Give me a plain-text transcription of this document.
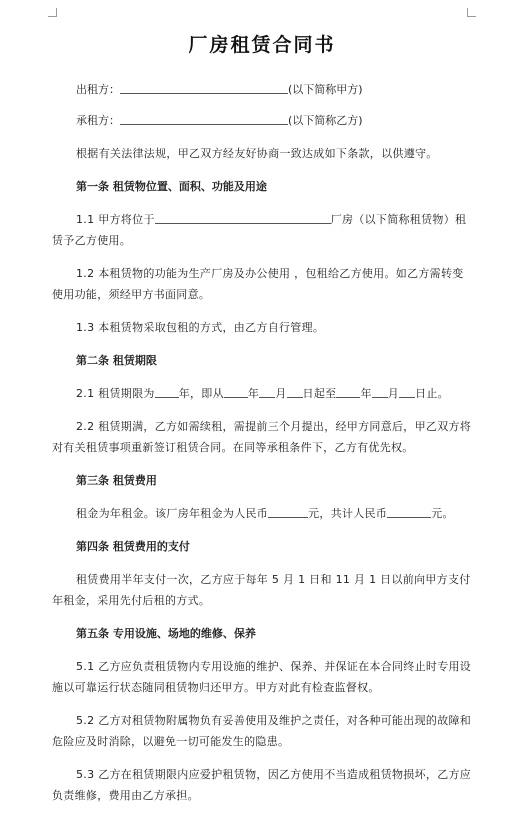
厂房租赁合同书
出租方：	(以下简称甲方)
承租方：	(以下简称乙方)

根据有关法律法规，甲乙双方经友好协商一致达成如下条款，以供遵守。

第一条 租赁物位置、面积、功能及用途

1.1 甲方将位于	厂房（以下简称租赁物）租赁予乙方使用。

1.2 本租赁物的功能为生产厂房及办公使用 ，包租给乙方使用。如乙方需转变使用功能，须经甲方书面同意。

1.3 本租赁物采取包租的方式，由乙方自行管理。

第二条 租赁期限

2.1 租赁期限为 年，即从 年 月 日起至 年 月 日止。

2.2 租赁期满，乙方如需续租，需提前三个月提出，经甲方同意后，甲乙双方将对有关租赁事项重新签订租赁合同。在同等承租条件下，乙方有优先权。

第三条 租赁费用

租金为年租金。该厂房年租金为人民币	元，共计人民币	元。

第四条 租赁费用的支付

租赁费用半年支付一次，乙方应于每年 5 月 1 日和 11 月 1 日以前向甲方支付年租金，采用先付后租的方式。

第五条 专用设施、场地的维修、保养

5.1 乙方应负责租赁物内专用设施的维护、保养、并保证在本合同终止时专用设施以可靠运行状态随同租赁物归还甲方。甲方对此有检查监督权。

5.2 乙方对租赁物附属物负有妥善使用及维护之责任，对各种可能出现的故障和危险应及时消除，以避免一切可能发生的隐患。

5.3 乙方在租赁期限内应爱护租赁物，因乙方使用不当造成租赁物损坏，乙方应负责维修，费用由乙方承担。
